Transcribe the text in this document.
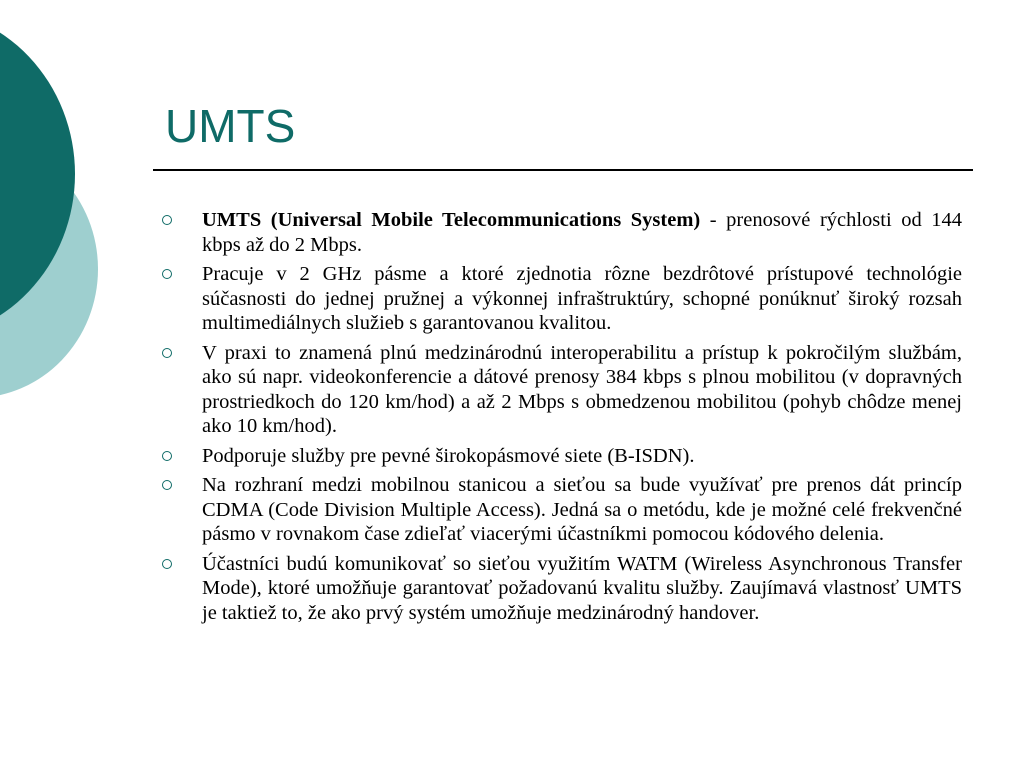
UMTS
UMTS (Universal Mobile Telecommunications System) - prenosové rýchlosti od 144 kbps až do 2 Mbps.
Pracuje v 2 GHz pásme a ktoré zjednotia rôzne bezdrôtové prístupové technológie súčasnosti do jednej pružnej a výkonnej infraštruktúry, schopné ponúknuť široký rozsah multimediálnych služieb s garantovanou kvalitou.
V praxi to znamená plnú medzinárodnú interoperabilitu a prístup k pokročilým službám, ako sú napr. videokonferencie a dátové prenosy 384 kbps s plnou mobilitou (v dopravných prostriedkoch do 120 km/hod) a až 2 Mbps s obmedzenou mobilitou (pohyb chôdze menej ako 10 km/hod).
Podporuje služby pre pevné širokopásmové siete (B-ISDN).
Na rozhraní medzi mobilnou stanicou a sieťou sa bude využívať pre prenos dát princíp CDMA (Code Division Multiple Access). Jedná sa o metódu, kde je možné celé frekvenčné pásmo v rovnakom čase zdieľať viacerými účastníkmi pomocou kódového delenia.
Účastníci budú komunikovať so sieťou využitím WATM (Wireless Asynchronous Transfer Mode), ktoré umožňuje garantovať požadovanú kvalitu služby. Zaujímavá vlastnosť UMTS je taktiež to, že ako prvý systém umožňuje medzinárodný handover.
